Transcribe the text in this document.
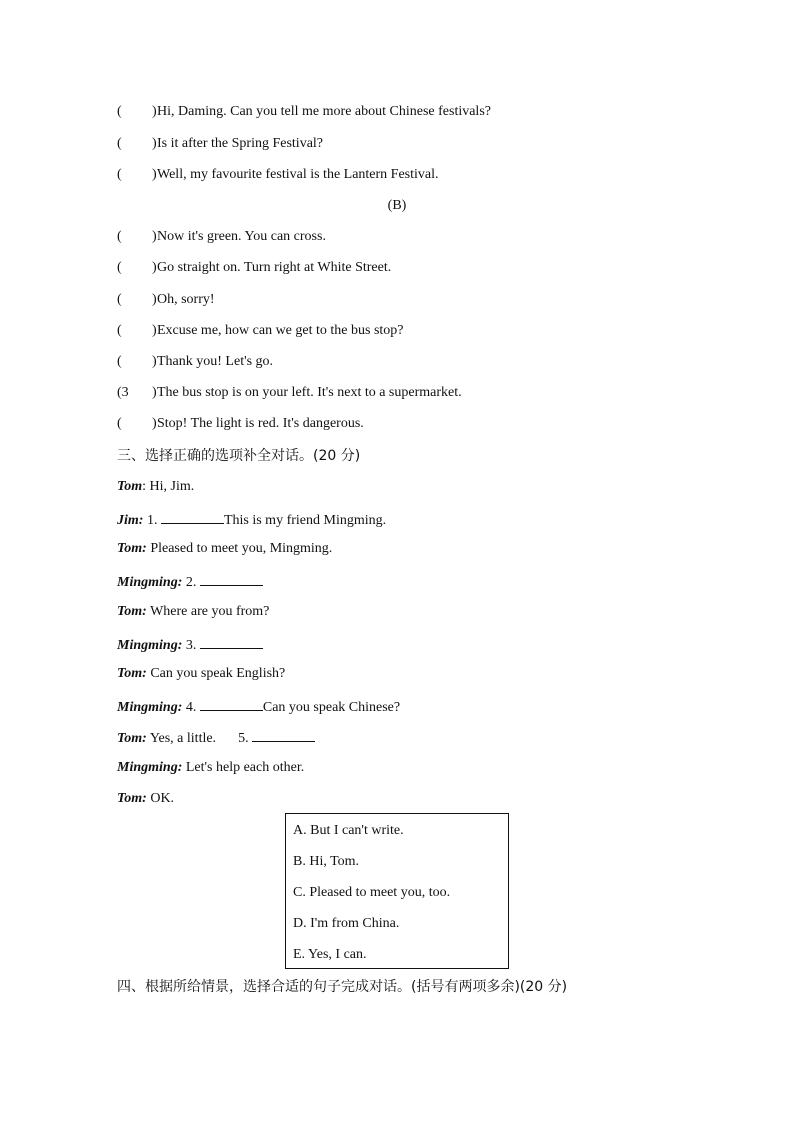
( ) Hi, Daming. Can you tell me more about Chinese festivals?
( ) Is it after the Spring Festival?
( ) Well, my favourite festival is the Lantern Festival.
(B)
( ) Now it's green. You can cross.
( ) Go straight on. Turn right at White Street.
( ) Oh, sorry!
( ) Excuse me, how can we get to the bus stop?
( ) Thank you! Let's go.
(3 ) The bus stop is on your left. It's next to a supermarket.
( ) Stop! The light is red. It's dangerous.
三、选择正确的选项补全对话。(20 分)
Tom: Hi, Jim.
Jim: 1.	This is my friend Mingming.
Tom: Pleased to meet you, Mingming.
Mingming: 2.
Tom: Where are you from?
Mingming: 3.
Tom: Can you speak English?
Mingming: 4.	Can you speak Chinese?
Tom: Yes, a little. 5.
Mingming: Let's help each other.
Tom: OK.
A. But I can't write.
B. Hi, Tom.
C. Pleased to meet you, too.
D. I'm from China.
E. Yes, I can.
四、根据所给情景，选择合适的句子完成对话。(括号有两项多余)(20 分)
